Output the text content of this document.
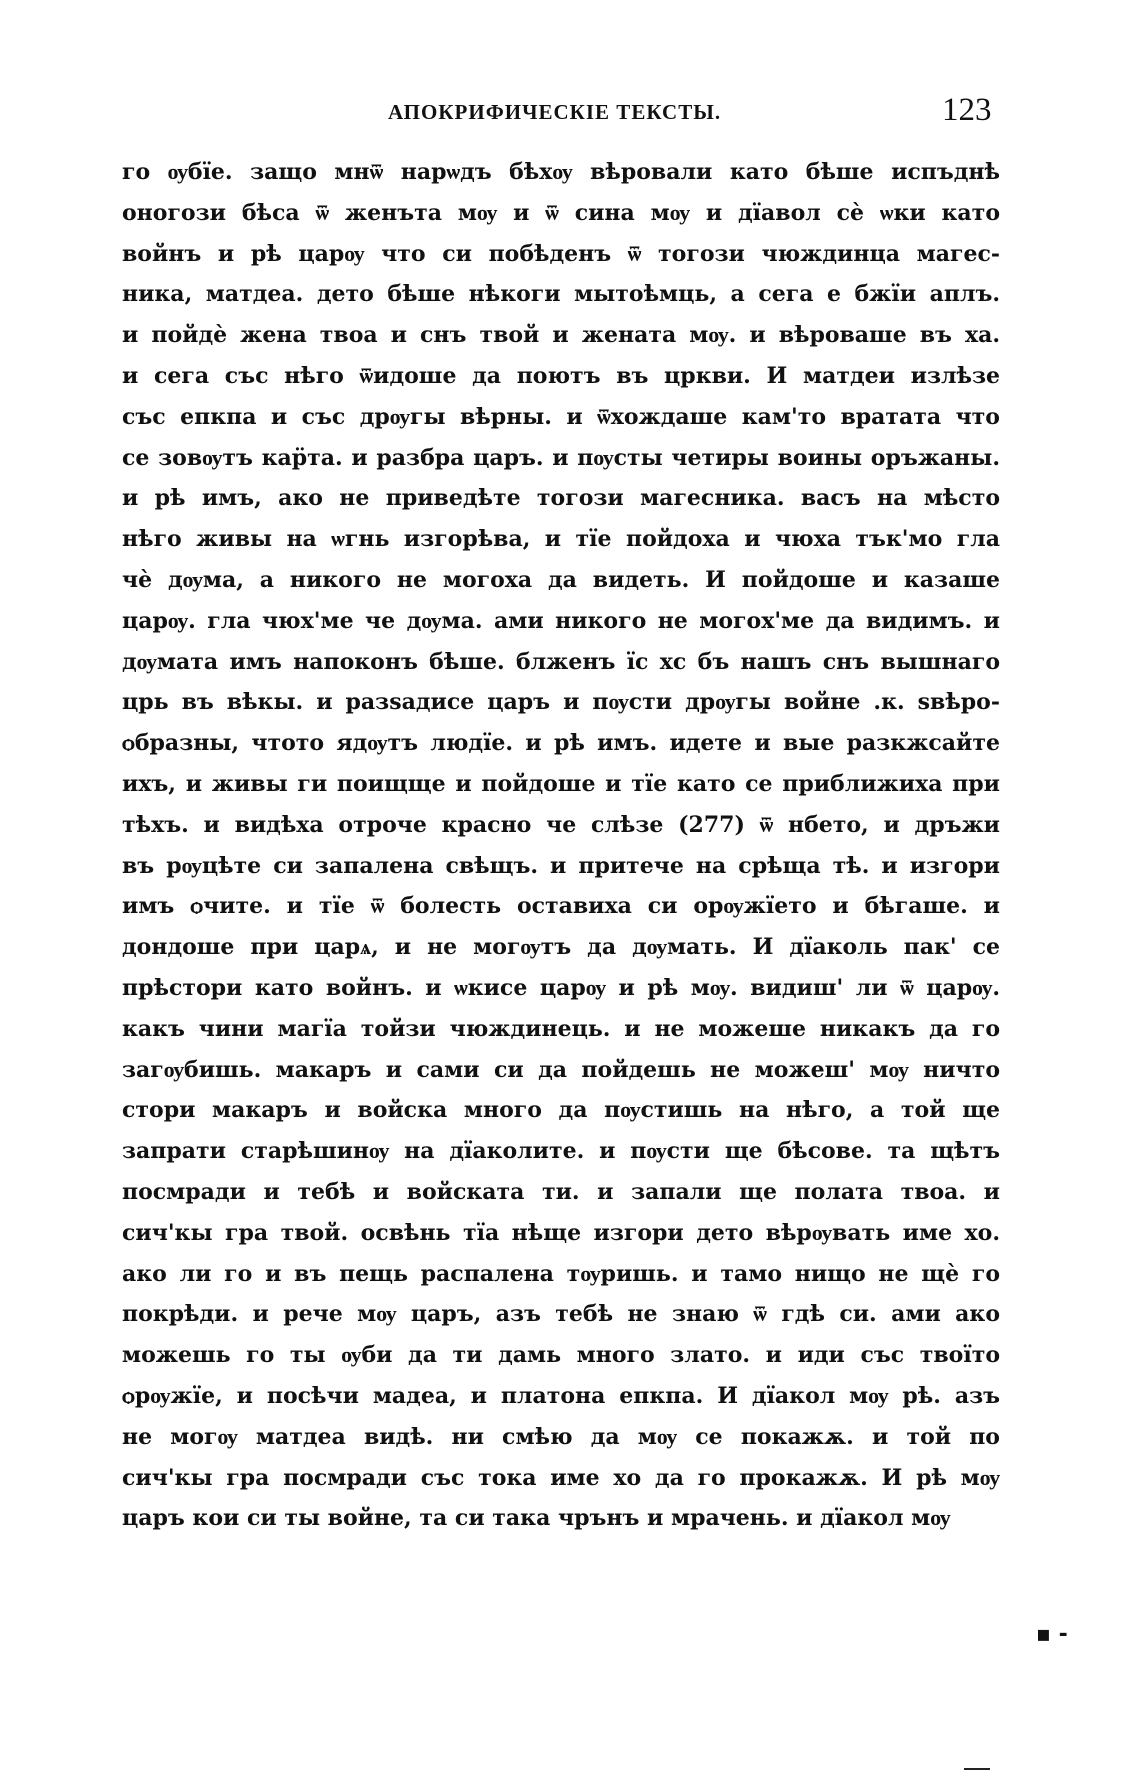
АПОКРИФИЧЕСКІЕ ТЕКСТЫ.	123
го ѹбїе. защо мнѿ нарѡдъ бѣхѹ вѣровали като бѣше испъднѣ
оногози бѣса ѿ женъта мѹ и ѿ сина мѹ и дїавол сѐ ѡки като
войнъ и рѣ царѹ что си побѣденъ ѿ тогози чюждинца магес-
ника, матдеа. дето бѣше нѣкоги мытоѣмць, а сега е бжїи аплъ.
и пойдѐ жена твоа и снъ твой и жената мѹ. и вѣроваше въ ха.
и сега със нѣго ѿидоше да поютъ въ цркви. И матдеи излѣзе
със епкпа и със дрѹгы вѣрны. и ѿхождаше кам'то вратата что
се зовѹтъ кар̈та. и разбра царъ. и пѹсты четиры воины оръжаны.
и рѣ имъ, ако не приведѣте тогози магесника. васъ на мѣсто
нѣго живы на ѡгнь изгорѣва, и тїе пойдоха и чюха тък'мо гла
чѐ дѹма, а никого не могоха да видеть. И пойдоше и казаше
царѹ. гла чюх'ме че дѹма. ами никого не могох'ме да видимъ. и
дѹмата имъ напоконъ бѣше. блженъ їс хс бъ нашъ снъ вышнаго
црь въ вѣкы. и разѕадисе царъ и пѹсти дрѹгы войне .к. ѕвѣро-
ѻбразны, чтото ядѹтъ людїе. и рѣ имъ. идете и вые разкжсайте
ихъ, и живы ги поищще и пойдоше и тїе като се приближиха при
тѣхъ. и видѣха отроче красно че слѣзе (277) ѿ нбето, и дръжи
въ рѹцѣте си запалена свѣщъ. и притече на срѣща тѣ. и изгори
имъ ѻчите. и тїе ѿ болесть оставиха си орѹжїето и бѣгаше. и
дондоше при царѧ, и не могѹтъ да дѹмать. И дїаколь пак' се
прѣстори като войнъ. и ѡкисе царѹ и рѣ мѹ. видиш' ли ѿ царѹ.
какъ чини магїа тойзи чюждинець. и не можеше никакъ да го
загѹбишь. макаръ и сами си да пойдешь не можеш' мѹ ничто
стори макаръ и войска много да пѹстишь на нѣго, а той ще
запрати старѣшинѹ на дїаколите. и пѹсти ще бѣсове. та щѣтъ
посмради и тебѣ и войската ти. и запали ще полата твоа. и
сич'кы гра твой. освѣнь тїа нѣще изгори дето вѣрѹвать име хо.
ако ли го и въ пещь распалена тѹришь. и тамо нищо не щѐ го
покрѣди. и рече мѹ царъ, азъ тебѣ не знаю ѿ гдѣ си. ами ако
можешь го ты ѹби да ти дамь много злато. и иди със твоїто
ѻрѹжїе, и посѣчи мадеа, и платона епкпа. И дїакол мѹ рѣ. азъ
не могѹ матдеа видѣ. ни смѣю да мѹ се покажѫ. и той по
сич'кы гра посмради със тока име хо да го прокажѫ. И рѣ мѹ
царъ кои си ты войне, та си така чрънъ и мрачень. и дїакол мѹ
▪ -
